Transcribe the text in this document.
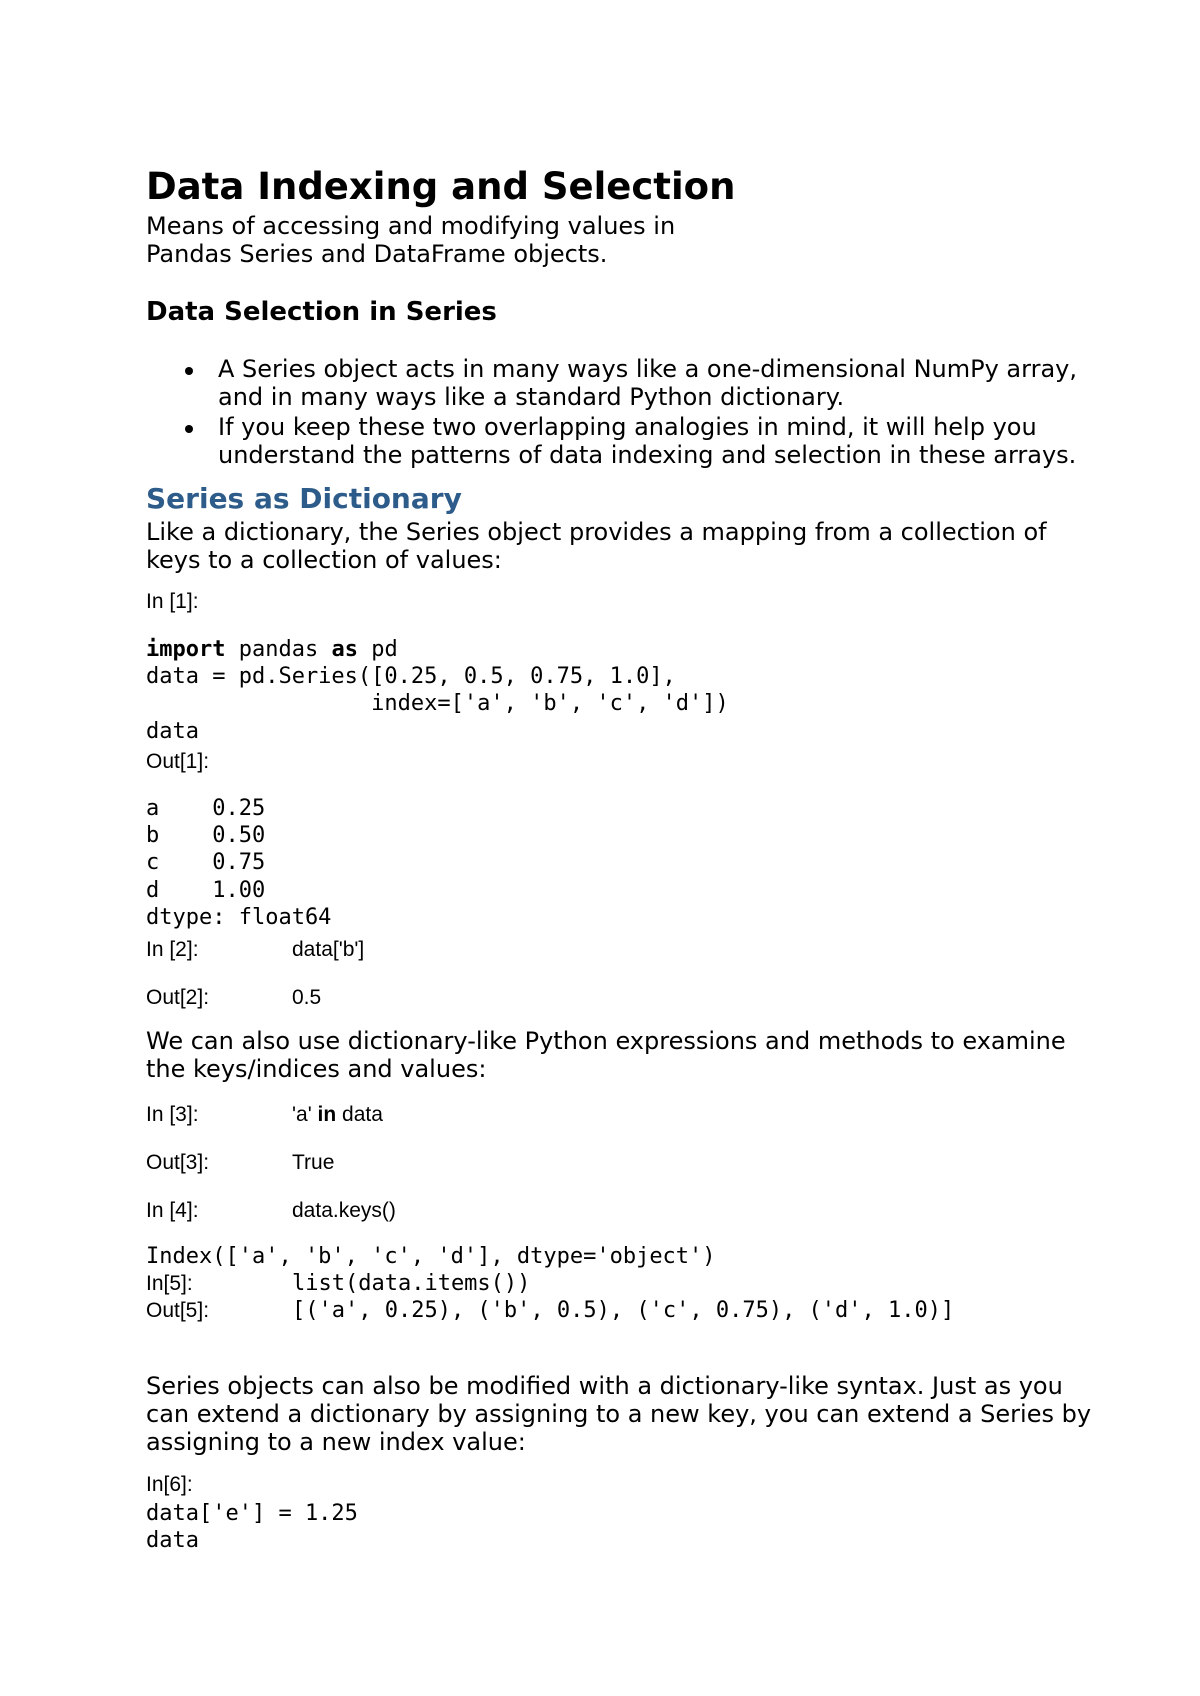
Data Indexing and Selection
Means of accessing and modifying values in
Pandas Series and DataFrame objects.
Data Selection in Series
A Series object acts in many ways like a one-dimensional NumPy array,
and in many ways like a standard Python dictionary.
If you keep these two overlapping analogies in mind, it will help you
understand the patterns of data indexing and selection in these arrays.
Series as Dictionary
Like a dictionary, the Series object provides a mapping from a collection of
keys to a collection of values:
In [1]:
import pandas as pd
data = pd.Series([0.25, 0.5, 0.75, 1.0],
index=['a', 'b', 'c', 'd'])
data
Out[1]:
a    0.25
b    0.50
c    0.75
d    1.00
dtype: float64
In [2]:	data['b']
Out[2]:	0.5
We can also use dictionary-like Python expressions and methods to examine
the keys/indices and values:
In [3]:	'a' in data
Out[3]:	True
In [4]:	data.keys()
Index(['a', 'b', 'c', 'd'], dtype='object')
In[5]:	list(data.items())
Out[5]:	[('a', 0.25), ('b', 0.5), ('c', 0.75), ('d', 1.0)]
Series objects can also be modified with a dictionary-like syntax. Just as you
can extend a dictionary by assigning to a new key, you can extend a Series by
assigning to a new index value:
In[6]:
data['e'] = 1.25
data
